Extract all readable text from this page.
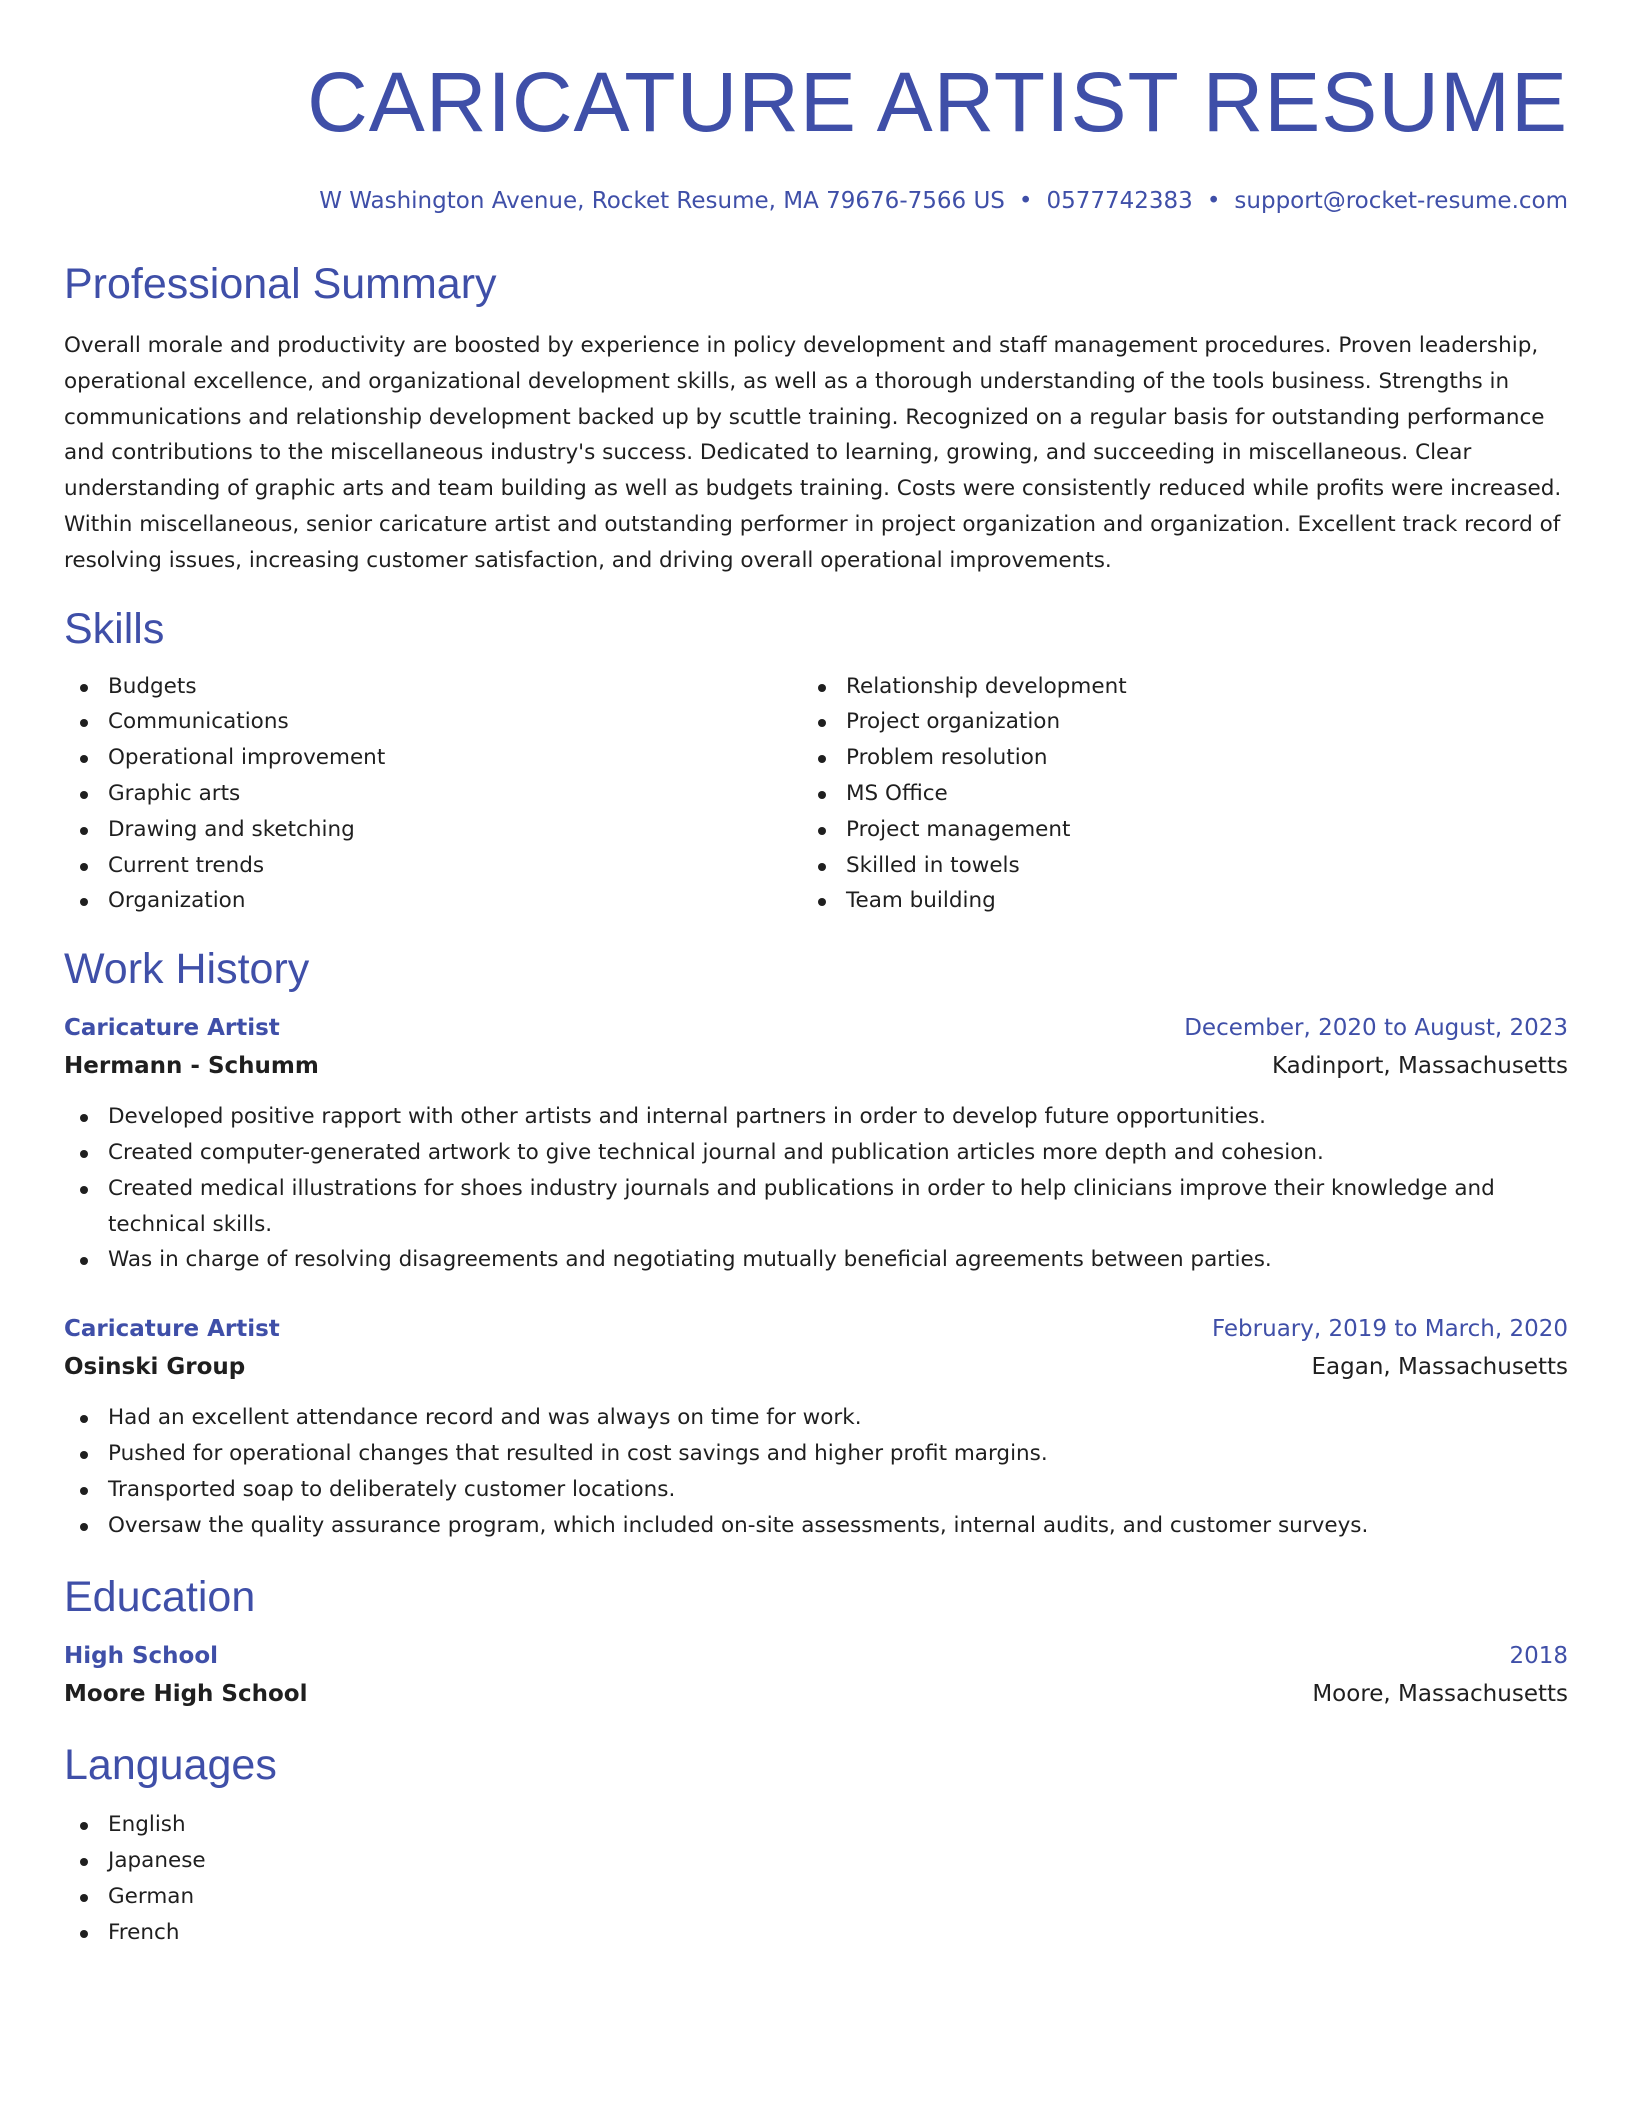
CARICATURE ARTIST RESUME
W Washington Avenue, Rocket Resume, MA 79676-7566 US • 0577742383 • support@rocket-resume.com
Professional Summary

Overall morale and productivity are boosted by experience in policy development and staff management procedures. Proven leadership, operational excellence, and organizational development skills, as well as a thorough understanding of the tools business. Strengths in communications and relationship development backed up by scuttle training. Recognized on a regular basis for outstanding performance and contributions to the miscellaneous industry's success. Dedicated to learning, growing, and succeeding in miscellaneous. Clear understanding of graphic arts and team building as well as budgets training. Costs were consistently reduced while profits were increased. Within miscellaneous, senior caricature artist and outstanding performer in project organization and organization. Excellent track record of resolving issues, increasing customer satisfaction, and driving overall operational improvements.

Skills
Budgets
Communications
Operational improvement
Graphic arts
Drawing and sketching
Current trends
Organization
Relationship development
Project organization
Problem resolution
MS Office
Project management
Skilled in towels
Team building
Work History
Caricature Artist	December, 2020 to August, 2023
Hermann - Schumm	Kadinport, Massachusetts
Developed positive rapport with other artists and internal partners in order to develop future opportunities.
Created computer-generated artwork to give technical journal and publication articles more depth and cohesion.
Created medical illustrations for shoes industry journals and publications in order to help clinicians improve their knowledge and technical skills.
Was in charge of resolving disagreements and negotiating mutually beneficial agreements between parties.
Caricature Artist	February, 2019 to March, 2020
Osinski Group	Eagan, Massachusetts
Had an excellent attendance record and was always on time for work.
Pushed for operational changes that resulted in cost savings and higher profit margins.
Transported soap to deliberately customer locations.
Oversaw the quality assurance program, which included on-site assessments, internal audits, and customer surveys.
Education
High School	2018
Moore High School	Moore, Massachusetts
Languages
English
Japanese
German
French
